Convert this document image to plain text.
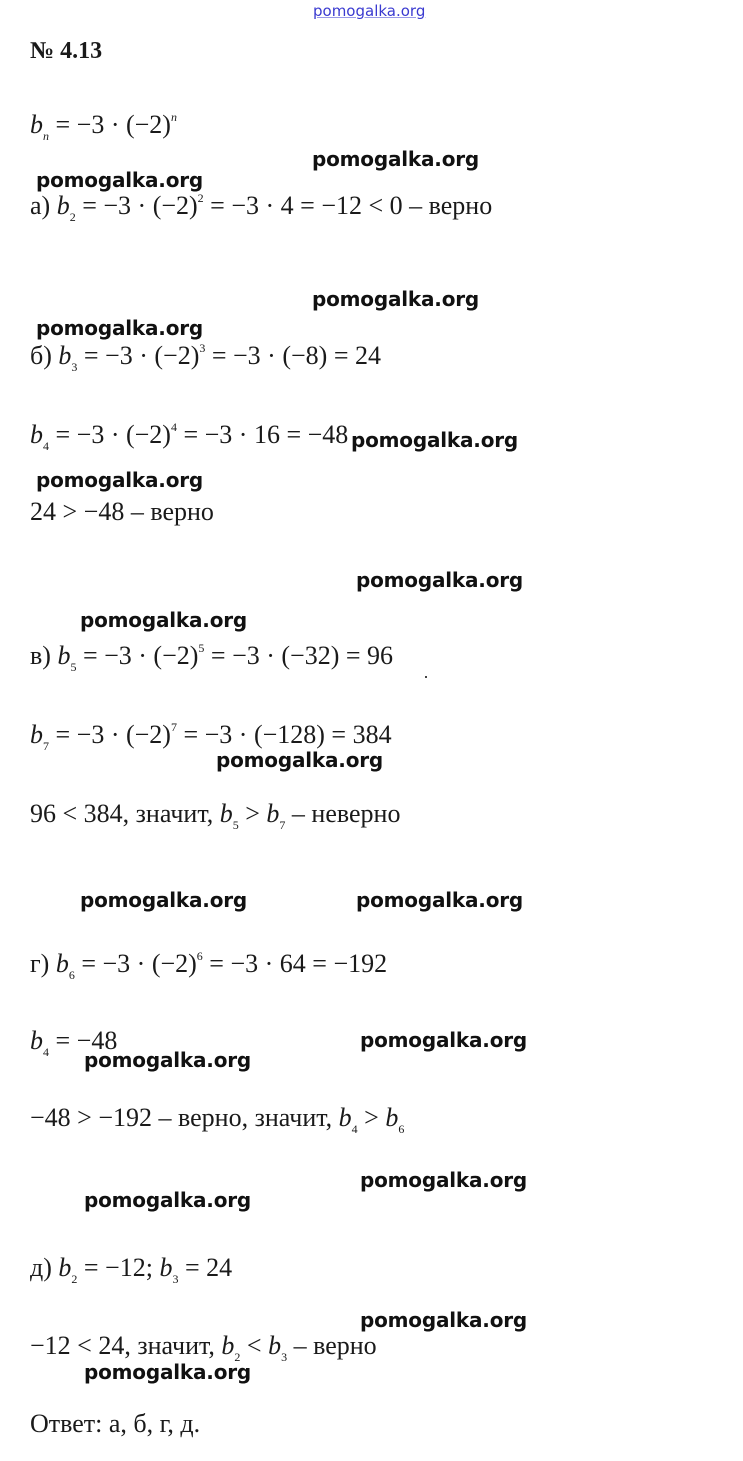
pomogalka.org
№ 4.13
$b_n = -3 \cdot (-2)^n$
а) $b_2 = -3 \cdot (-2)^2 = -3 \cdot 4 = -12 < 0$ – верно
б) $b_3 = -3 \cdot (-2)^3 = -3 \cdot (-8) = 24$
$b_4 = -3 \cdot (-2)^4 = -3 \cdot 16 = -48$
24 > −48 – верно
в) $b_5 = -3 \cdot (-2)^5 = -3 \cdot (-32) = 96$
$b_7 = -3 \cdot (-2)^7 = -3 \cdot (-128) = 384$
96 < 384, значит, $b_5 > b_7$ – неверно
г) $b_6 = -3 \cdot (-2)^6 = -3 \cdot 64 = -192$
$b_4 = -48$
−48 > −192 – верно, значит, $b_4 > b_6$
д) $b_2 = -12$; $b_3 = 24$
−12 < 24, значит, $b_2 < b_3$ – верно
Ответ: а, б, г, д.
pomogalka.org
pomogalka.org
pomogalka.org
pomogalka.org
pomogalka.org
pomogalka.org
pomogalka.org
pomogalka.org
pomogalka.org
pomogalka.org	pomogalka.org
pomogalka.org
pomogalka.org
pomogalka.org
pomogalka.org
pomogalka.org
pomogalka.org
